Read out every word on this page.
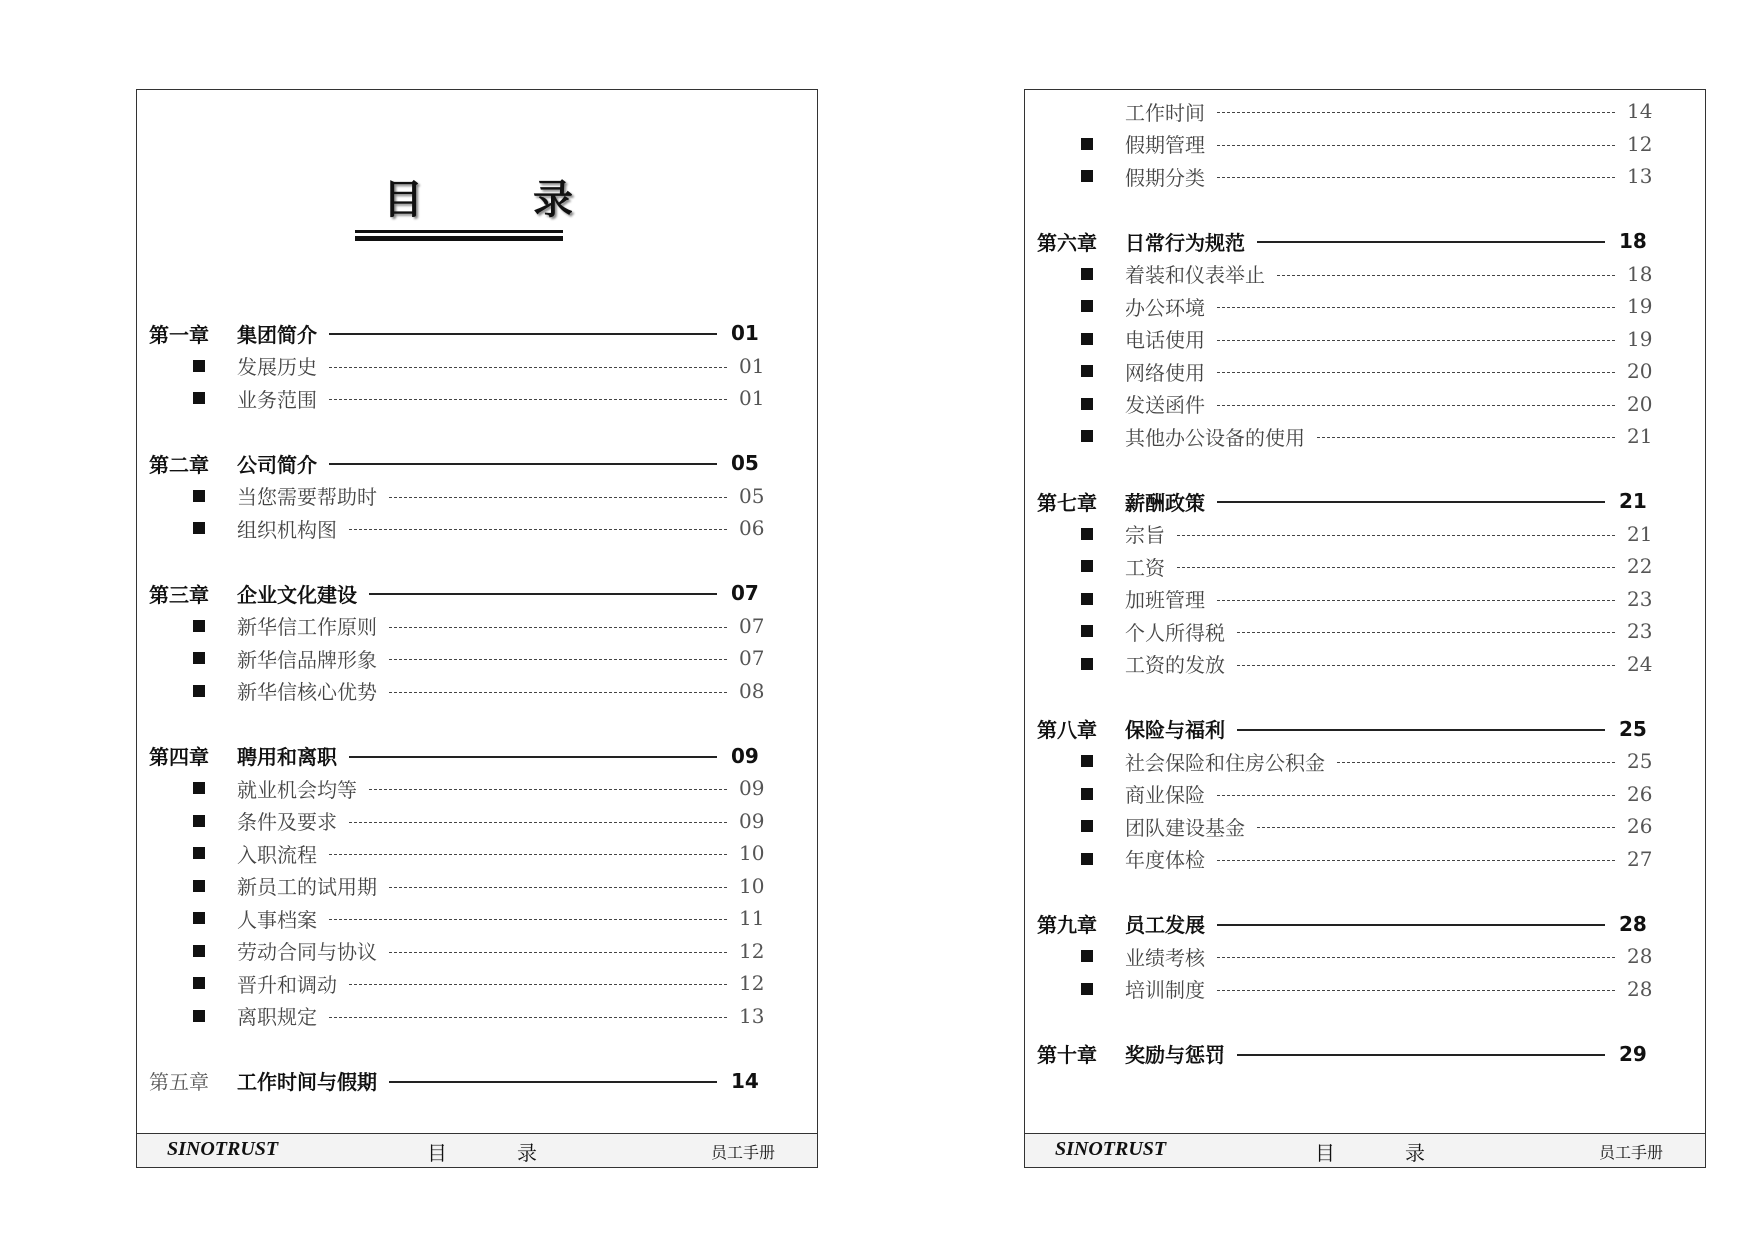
目	录
第一章 集团简介	01
发展历史	01
业务范围	01
第二章 公司简介	05
当您需要帮助时	05
组织机构图	06
第三章 企业文化建设	07
新华信工作原则	07
新华信品牌形象	07
新华信核心优势	08
第四章 聘用和离职	09
就业机会均等	09
条件及要求	09
入职流程	10
新员工的试用期	10
人事档案	11
劳动合同与协议	12
晋升和调动	12
离职规定	13
第五章 工作时间与假期	14
SINOTRUST	目	录	员工手册
工作时间	14
假期管理	12
假期分类	13
第六章 日常行为规范	18
着装和仪表举止	18
办公环境	19
电话使用	19
网络使用	20
发送函件	20
其他办公设备的使用	21
第七章 薪酬政策	21
宗旨	21
工资	22
加班管理	23
个人所得税	23
工资的发放	24
第八章 保险与福利	25
社会保险和住房公积金	25
商业保险	26
团队建设基金	26
年度体检	27
第九章 员工发展	28
业绩考核	28
培训制度	28
第十章 奖励与惩罚	29
SINOTRUST	目	录	员工手册
